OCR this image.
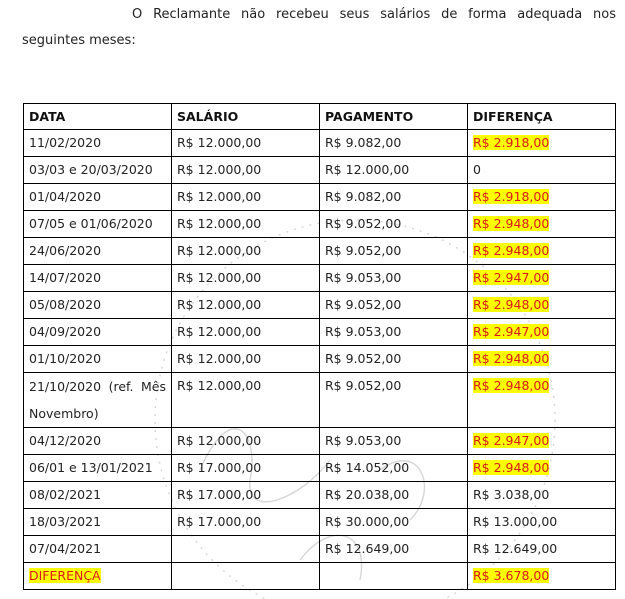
O Reclamante não recebeu seus salários de forma adequada nos seguintes meses:

DATA	SALÁRIO	PAGAMENTO	DIFERENÇA
11/02/2020	R$ 12.000,00	R$ 9.082,00	R$ 2.918,00
03/03 e 20/03/2020	R$ 12.000,00	R$ 12.000,00	0
01/04/2020	R$ 12.000,00	R$ 9.082,00	R$ 2.918,00
07/05 e 01/06/2020	R$ 12.000,00	R$ 9.052,00	R$ 2.948,00
24/06/2020	R$ 12.000,00	R$ 9.052,00	R$ 2.948,00
14/07/2020	R$ 12.000,00	R$ 9.053,00	R$ 2.947,00
05/08/2020	R$ 12.000,00	R$ 9.052,00	R$ 2.948,00
04/09/2020	R$ 12.000,00	R$ 9.053,00	R$ 2.947,00
01/10/2020	R$ 12.000,00	R$ 9.052,00	R$ 2.948,00
21/10/2020 (ref. Mês Novembro)	R$ 12.000,00	R$ 9.052,00	R$ 2.948,00
04/12/2020	R$ 12.000,00	R$ 9.053,00	R$ 2.947,00
06/01 e 13/01/2021	R$ 17.000,00	R$ 14.052,00	R$ 2.948,00
08/02/2021	R$ 17.000,00	R$ 20.038,00	R$ 3.038,00
18/03/2021	R$ 17.000,00	R$ 30.000,00	R$ 13.000,00
07/04/2021		R$ 12.649,00	R$ 12.649,00
DIFERENÇA			R$ 3.678,00
